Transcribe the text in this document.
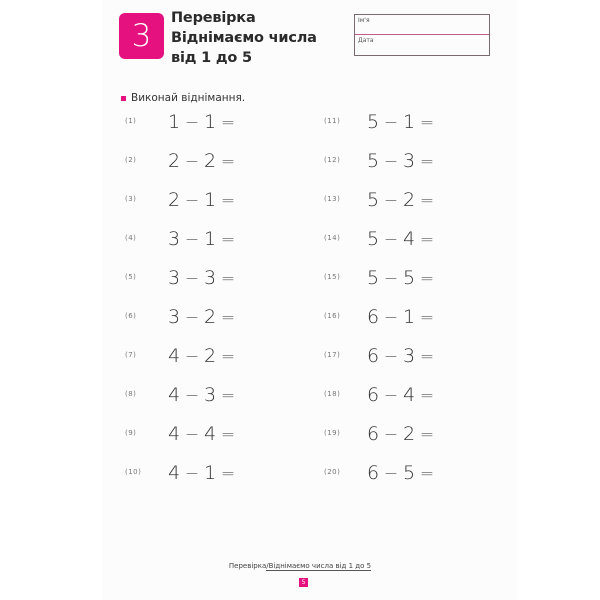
3 Перевірка
Віднімаємо числа
від 1 до 5
Ім'я
Дата
Виконай віднімання.
(1) 1 − 1 =
(2) 2 − 2 =
(3) 2 − 1 =
(4) 3 − 1 =
(5) 3 − 3 =
(6) 3 − 2 =
(7) 4 − 2 =
(8) 4 − 3 =
(9) 4 − 4 =
(10) 4 − 1 =
(11) 5 − 1 =
(12) 5 − 3 =
(13) 5 − 2 =
(14) 5 − 4 =
(15) 5 − 5 =
(16) 6 − 1 =
(17) 6 − 3 =
(18) 6 − 4 =
(19) 6 − 2 =
(20) 6 − 5 =
Перевірка/Віднімаємо числа від 1 до 5
5
